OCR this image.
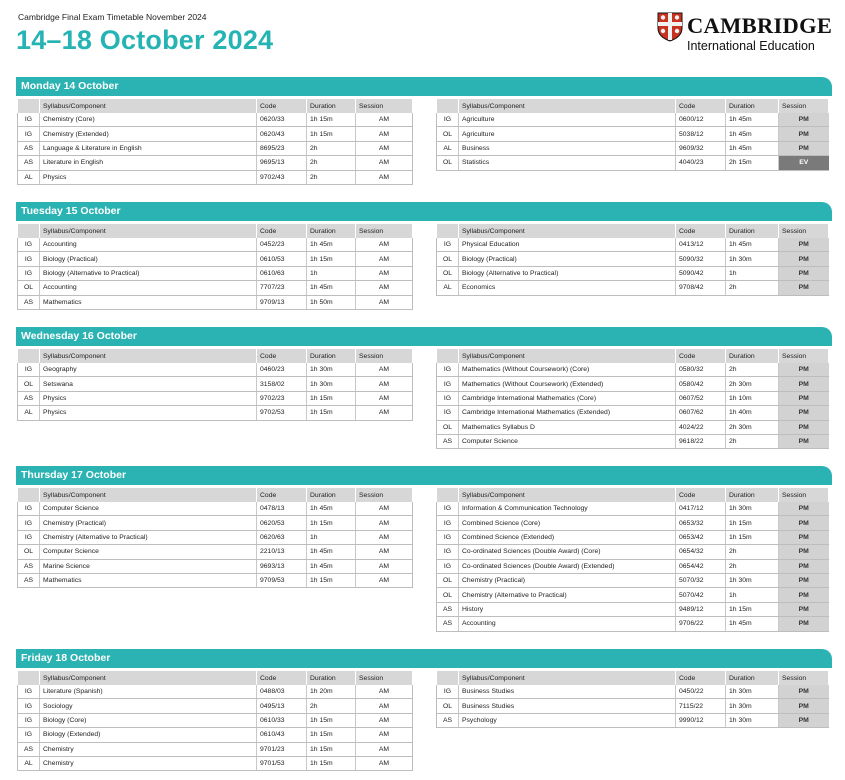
Cambridge Final Exam Timetable November 2024
14–18 October 2024	CAMBRIDGE
International Education
Monday 14 October
	Syllabus/Component	Code	Duration	Session
IG	Chemistry (Core)	0620/33	1h 15m	AM
IG	Chemistry (Extended)	0620/43	1h 15m	AM
AS	Language & Literature in English	8695/23	2h	AM
AS	Literature in English	9695/13	2h	AM
AL	Physics	9702/43	2h	AM
	Syllabus/Component	Code	Duration	Session
IG	Agriculture	0600/12	1h 45m	PM
OL	Agriculture	5038/12	1h 45m	PM
AL	Business	9609/32	1h 45m	PM
OL	Statistics	4040/23	2h 15m	EV
Tuesday 15 October
	Syllabus/Component	Code	Duration	Session
IG	Accounting	0452/23	1h 45m	AM
IG	Biology (Practical)	0610/53	1h 15m	AM
IG	Biology (Alternative to Practical)	0610/63	1h	AM
OL	Accounting	7707/23	1h 45m	AM
AS	Mathematics	9709/13	1h 50m	AM
	Syllabus/Component	Code	Duration	Session
IG	Physical Education	0413/12	1h 45m	PM
OL	Biology (Practical)	5090/32	1h 30m	PM
OL	Biology (Alternative to Practical)	5090/42	1h	PM
AL	Economics	9708/42	2h	PM
Wednesday 16 October
	Syllabus/Component	Code	Duration	Session
IG	Geography	0460/23	1h 30m	AM
OL	Setswana	3158/02	1h 30m	AM
AS	Physics	9702/23	1h 15m	AM
AL	Physics	9702/53	1h 15m	AM
	Syllabus/Component	Code	Duration	Session
IG	Mathematics (Without Coursework) (Core)	0580/32	2h	PM
IG	Mathematics (Without Coursework) (Extended)	0580/42	2h 30m	PM
IG	Cambridge International Mathematics (Core)	0607/52	1h 10m	PM
IG	Cambridge International Mathematics (Extended)	0607/62	1h 40m	PM
OL	Mathematics Syllabus D	4024/22	2h 30m	PM
AS	Computer Science	9618/22	2h	PM
Thursday 17 October
	Syllabus/Component	Code	Duration	Session
IG	Computer Science	0478/13	1h 45m	AM
IG	Chemistry (Practical)	0620/53	1h 15m	AM
IG	Chemistry (Alternative to Practical)	0620/63	1h	AM
OL	Computer Science	2210/13	1h 45m	AM
AS	Marine Science	9693/13	1h 45m	AM
AS	Mathematics	9709/53	1h 15m	AM
	Syllabus/Component	Code	Duration	Session
IG	Information & Communication Technology	0417/12	1h 30m	PM
IG	Combined Science (Core)	0653/32	1h 15m	PM
IG	Combined Science (Extended)	0653/42	1h 15m	PM
IG	Co-ordinated Sciences (Double Award) (Core)	0654/32	2h	PM
IG	Co-ordinated Sciences (Double Award) (Extended)	0654/42	2h	PM
OL	Chemistry (Practical)	5070/32	1h 30m	PM
OL	Chemistry (Alternative to Practical)	5070/42	1h	PM
AS	History	9489/12	1h 15m	PM
AS	Accounting	9706/22	1h 45m	PM
Friday 18 October
	Syllabus/Component	Code	Duration	Session
IG	Literature (Spanish)	0488/03	1h 20m	AM
IG	Sociology	0495/13	2h	AM
IG	Biology (Core)	0610/33	1h 15m	AM
IG	Biology (Extended)	0610/43	1h 15m	AM
AS	Chemistry	9701/23	1h 15m	AM
AL	Chemistry	9701/53	1h 15m	AM
	Syllabus/Component	Code	Duration	Session
IG	Business Studies	0450/22	1h 30m	PM
OL	Business Studies	7115/22	1h 30m	PM
AS	Psychology	9990/12	1h 30m	PM
